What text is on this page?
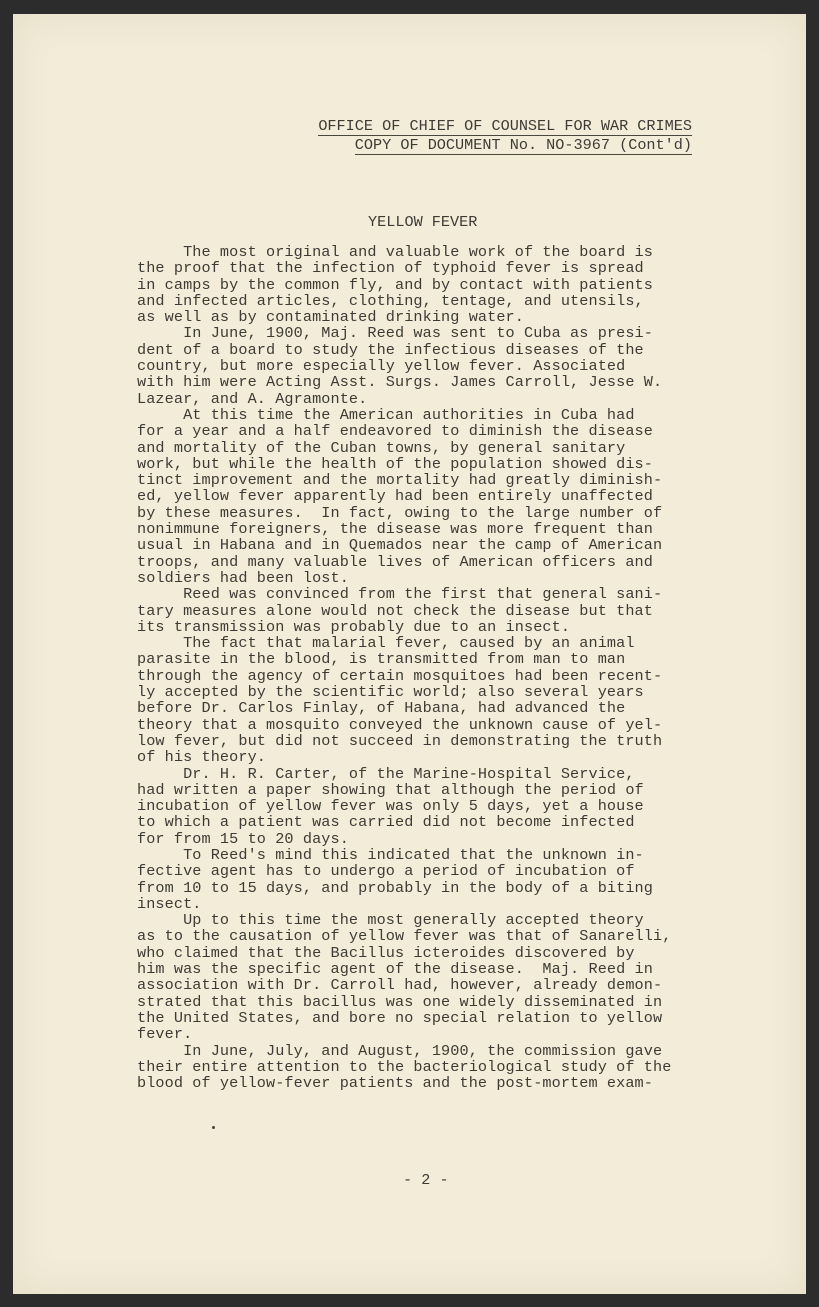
OFFICE OF CHIEF OF COUNSEL FOR WAR CRIMES
COPY OF DOCUMENT No. NO-3967 (Cont'd)
YELLOW FEVER
The most original and valuable work of the board is
the proof that the infection of typhoid fever is spread
in camps by the common fly, and by contact with patients
and infected articles, clothing, tentage, and utensils,
as well as by contaminated drinking water.
In June, 1900, Maj. Reed was sent to Cuba as presi-
dent of a board to study the infectious diseases of the
country, but more especially yellow fever. Associated
with him were Acting Asst. Surgs. James Carroll, Jesse W.
Lazear, and A. Agramonte.
At this time the American authorities in Cuba had
for a year and a half endeavored to diminish the disease
and mortality of the Cuban towns, by general sanitary
work, but while the health of the population showed dis-
tinct improvement and the mortality had greatly diminish-
ed, yellow fever apparently had been entirely unaffected
by these measures.  In fact, owing to the large number of
nonimmune foreigners, the disease was more frequent than
usual in Habana and in Quemados near the camp of American
troops, and many valuable lives of American officers and
soldiers had been lost.
Reed was convinced from the first that general sani-
tary measures alone would not check the disease but that
its transmission was probably due to an insect.
The fact that malarial fever, caused by an animal
parasite in the blood, is transmitted from man to man
through the agency of certain mosquitoes had been recent-
ly accepted by the scientific world; also several years
before Dr. Carlos Finlay, of Habana, had advanced the
theory that a mosquito conveyed the unknown cause of yel-
low fever, but did not succeed in demonstrating the truth
of his theory.
Dr. H. R. Carter, of the Marine-Hospital Service,
had written a paper showing that although the period of
incubation of yellow fever was only 5 days, yet a house
to which a patient was carried did not become infected
for from 15 to 20 days.
To Reed's mind this indicated that the unknown in-
fective agent has to undergo a period of incubation of
from 10 to 15 days, and probably in the body of a biting
insect.
Up to this time the most generally accepted theory
as to the causation of yellow fever was that of Sanarelli,
who claimed that the Bacillus icteroides discovered by
him was the specific agent of the disease.  Maj. Reed in
association with Dr. Carroll had, however, already demon-
strated that this bacillus was one widely disseminated in
the United States, and bore no special relation to yellow
fever.
In June, July, and August, 1900, the commission gave
their entire attention to the bacteriological study of the
blood of yellow-fever patients and the post-mortem exam-
- 2 -
